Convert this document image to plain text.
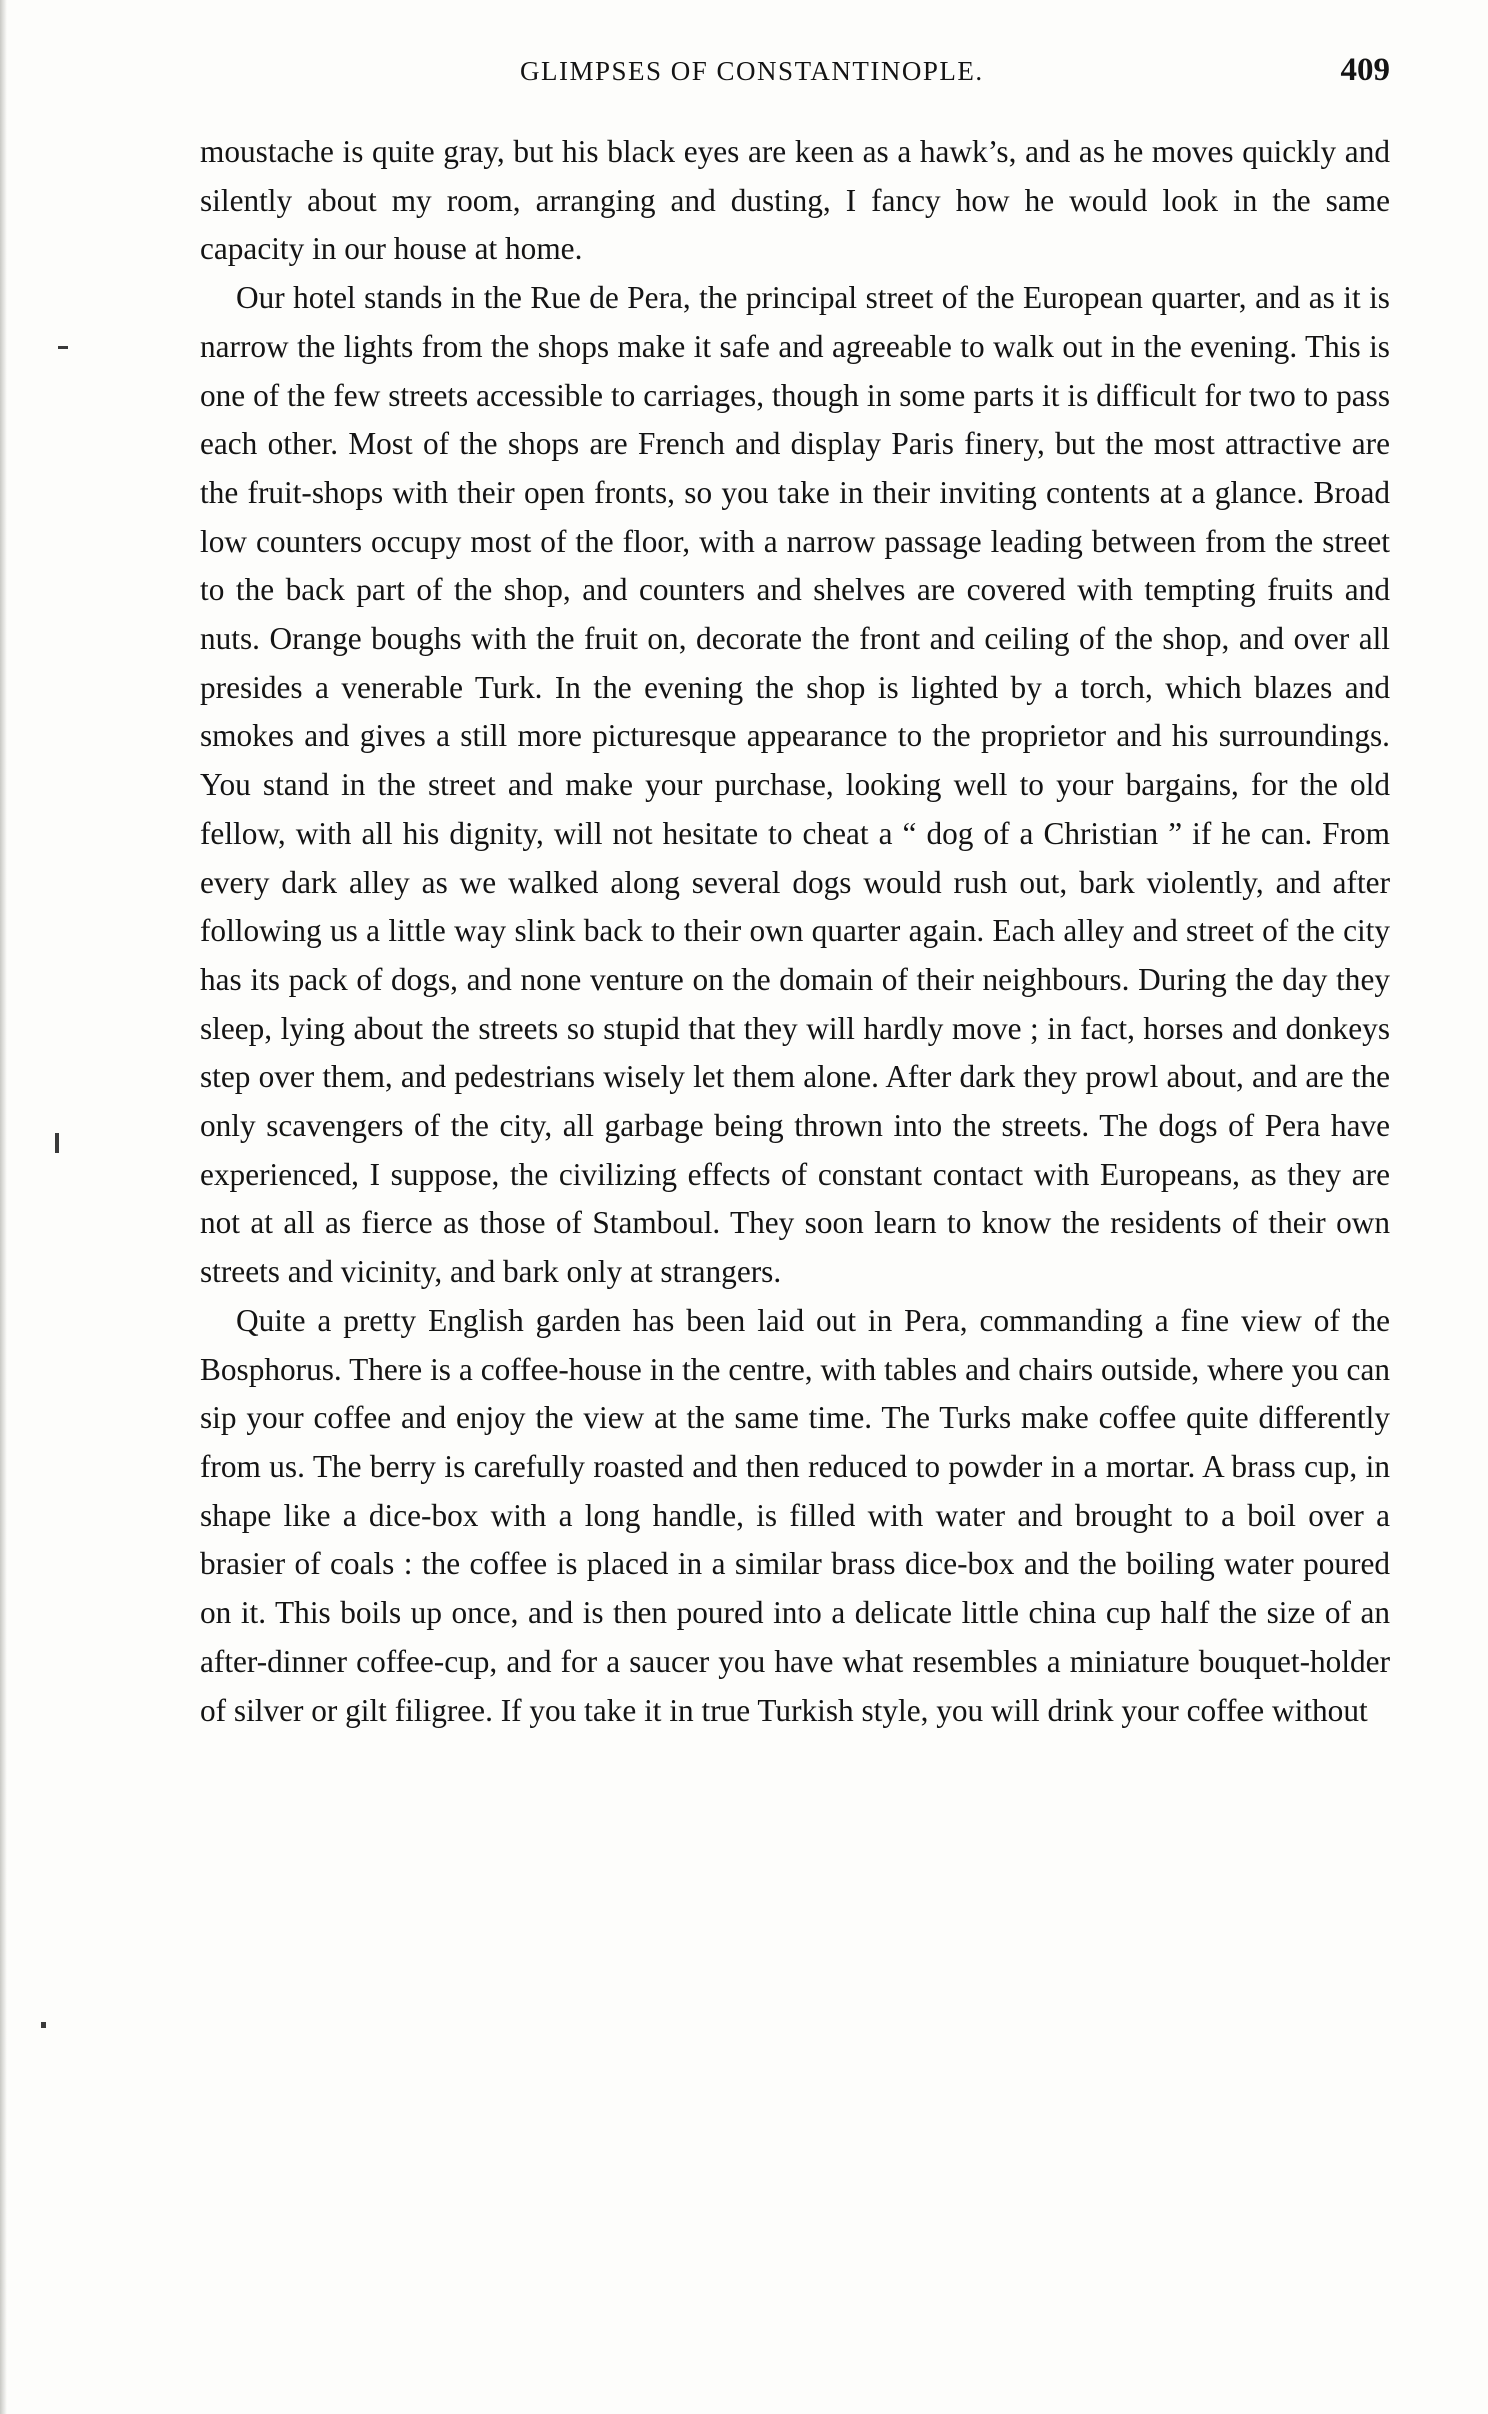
GLIMPSES OF CONSTANTINOPLE.	409

moustache is quite gray, but his black eyes are keen as a hawk’s, and as he moves quickly and silently about my room, arranging and dusting, I fancy how he would look in the same capacity in our house at home.

Our hotel stands in the Rue de Pera, the principal street of the European quarter, and as it is narrow the lights from the shops make it safe and agreeable to walk out in the evening. This is one of the few streets accessible to carriages, though in some parts it is difficult for two to pass each other. Most of the shops are French and display Paris finery, but the most attractive are the fruit-shops with their open fronts, so you take in their inviting contents at a glance. Broad low counters occupy most of the floor, with a narrow passage leading between from the street to the back part of the shop, and counters and shelves are covered with tempting fruits and nuts. Orange boughs with the fruit on, decorate the front and ceiling of the shop, and over all presides a venerable Turk. In the evening the shop is lighted by a torch, which blazes and smokes and gives a still more picturesque appearance to the proprietor and his surroundings. You stand in the street and make your purchase, looking well to your bargains, for the old fellow, with all his dignity, will not hesitate to cheat a “ dog of a Christian ” if he can. From every dark alley as we walked along several dogs would rush out, bark violently, and after following us a little way slink back to their own quarter again. Each alley and street of the city has its pack of dogs, and none venture on the domain of their neighbours. During the day they sleep, lying about the streets so stupid that they will hardly move ; in fact, horses and donkeys step over them, and pedestrians wisely let them alone. After dark they prowl about, and are the only scavengers of the city, all garbage being thrown into the streets. The dogs of Pera have experienced, I suppose, the civilizing effects of constant contact with Europeans, as they are not at all as fierce as those of Stamboul. They soon learn to know the residents of their own streets and vicinity, and bark only at strangers.

Quite a pretty English garden has been laid out in Pera, commanding a fine view of the Bosphorus. There is a coffee-house in the centre, with tables and chairs outside, where you can sip your coffee and enjoy the view at the same time. The Turks make coffee quite differently from us. The berry is carefully roasted and then reduced to powder in a mortar. A brass cup, in shape like a dice-box with a long handle, is filled with water and brought to a boil over a brasier of coals : the coffee is placed in a similar brass dice-box and the boiling water poured on it. This boils up once, and is then poured into a delicate little china cup half the size of an after-dinner coffee-cup, and for a saucer you have what resembles a miniature bouquet-holder of silver or gilt filigree. If you take it in true Turkish style, you will drink your coffee without
